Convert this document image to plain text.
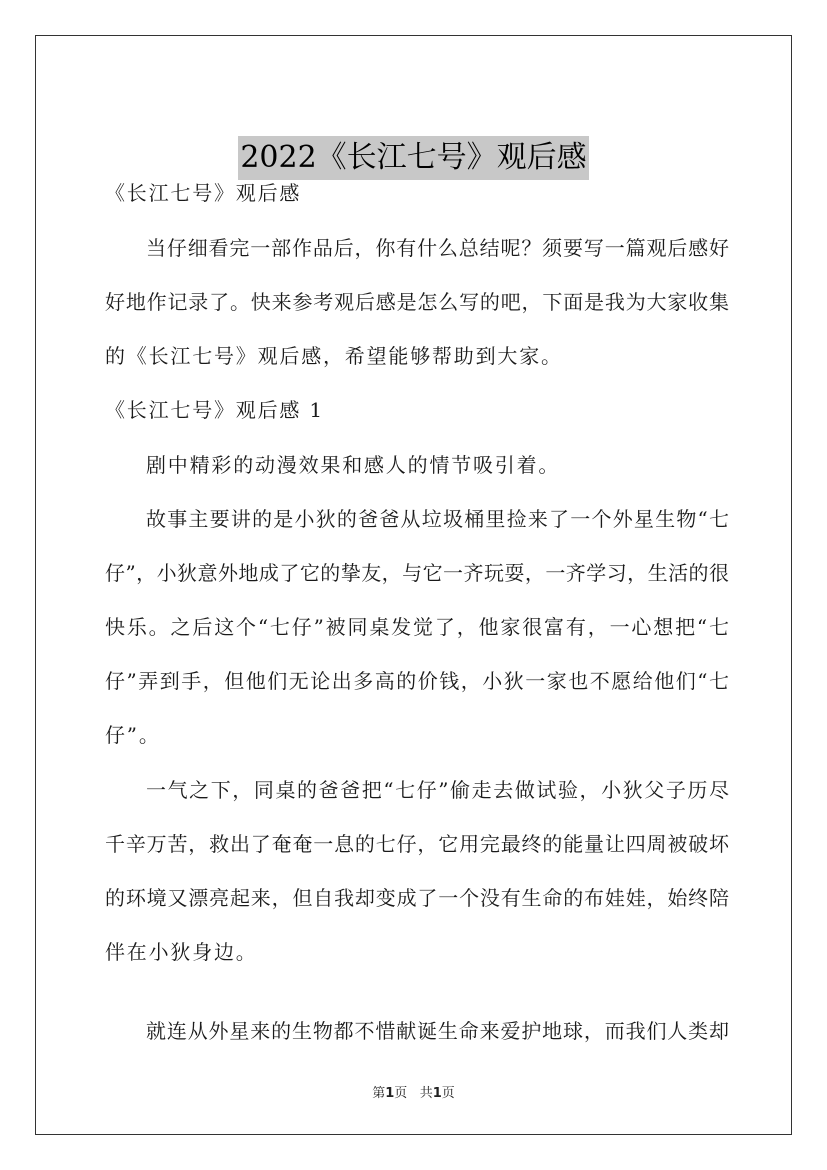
2022《长江七号》观后感
《长江七号》观后感
当仔细看完一部作品后，你有什么总结呢？须要写一篇观后感好
好地作记录了。快来参考观后感是怎么写的吧，下面是我为大家收集
的《长江七号》观后感，希望能够帮助到大家。
《长江七号》观后感 1
剧中精彩的动漫效果和感人的情节吸引着。
故事主要讲的是小狄的爸爸从垃圾桶里捡来了一个外星生物“七
仔”，小狄意外地成了它的挚友，与它一齐玩耍，一齐学习，生活的很
快乐。之后这个“七仔”被同桌发觉了，他家很富有，一心想把“七
仔”弄到手，但他们无论出多高的价钱，小狄一家也不愿给他们“七
仔”。
一气之下，同桌的爸爸把“七仔”偷走去做试验，小狄父子历尽
千辛万苦，救出了奄奄一息的七仔，它用完最终的能量让四周被破坏
的环境又漂亮起来，但自我却变成了一个没有生命的布娃娃，始终陪
伴在小狄身边。
就连从外星来的生物都不惜献诞生命来爱护地球，而我们人类却
第1页 共1页
